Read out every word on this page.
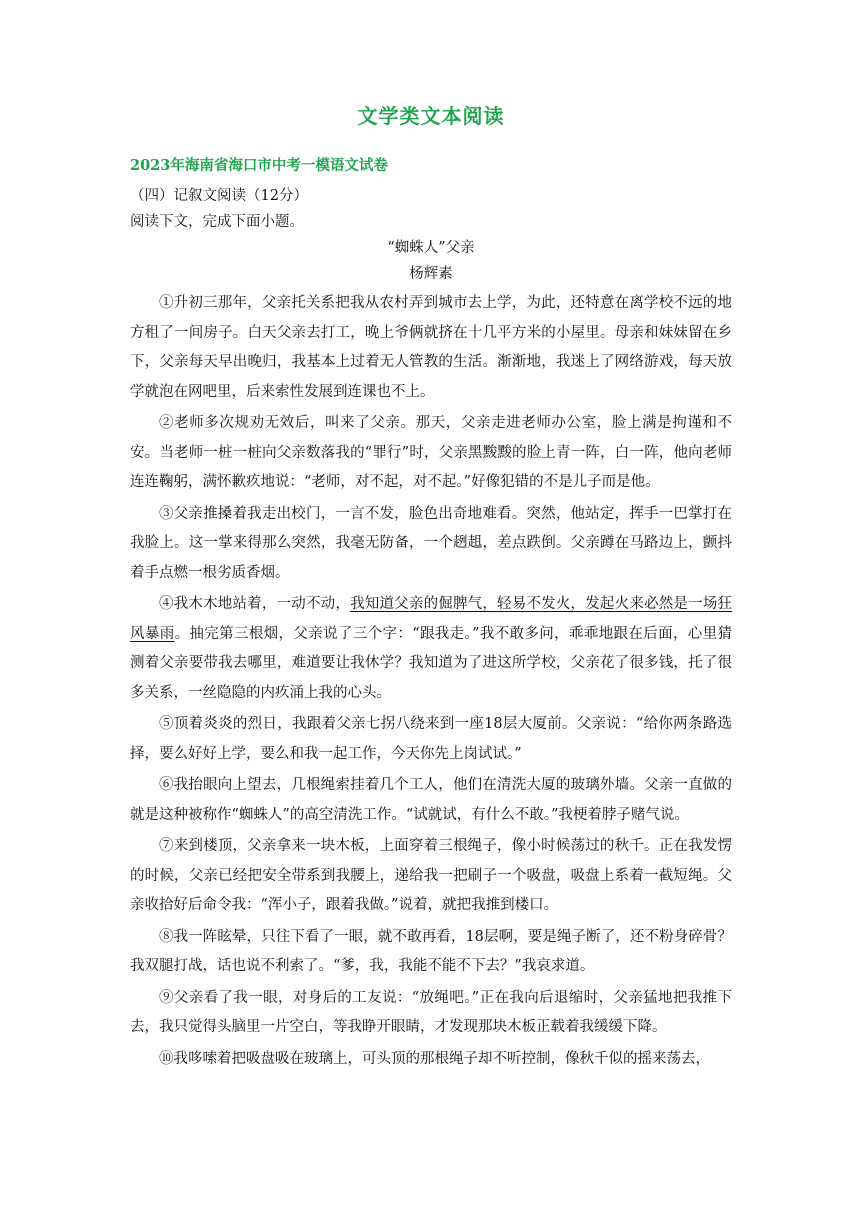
文学类文本阅读
2023年海南省海口市中考一模语文试卷
（四）记叙文阅读（12分）
阅读下文，完成下面小题。
“蜘蛛人”父亲
杨辉素

①升初三那年，父亲托关系把我从农村弄到城市去上学，为此，还特意在离学校不远的地方租了一间房子。白天父亲去打工，晚上爷俩就挤在十几平方米的小屋里。母亲和妹妹留在乡下，父亲每天早出晚归，我基本上过着无人管教的生活。渐渐地，我迷上了网络游戏，每天放学就泡在网吧里，后来索性发展到连课也不上。

②老师多次规劝无效后，叫来了父亲。那天，父亲走进老师办公室，脸上满是拘谨和不安。当老师一桩一桩向父亲数落我的“罪行”时，父亲黑黢黢的脸上青一阵，白一阵，他向老师连连鞠躬，满怀歉疚地说：“老师，对不起，对不起。”好像犯错的不是儿子而是他。

③父亲推搡着我走出校门，一言不发，脸色出奇地难看。突然，他站定，挥手一巴掌打在我脸上。这一掌来得那么突然，我毫无防备，一个趔趄，差点跌倒。父亲蹲在马路边上，颤抖着手点燃一根劣质香烟。

④我木木地站着，一动不动，我知道父亲的倔脾气，轻易不发火，发起火来必然是一场狂风暴雨。抽完第三根烟，父亲说了三个字：“跟我走。”我不敢多问，乖乖地跟在后面，心里猜测着父亲要带我去哪里，难道要让我休学？我知道为了进这所学校，父亲花了很多钱，托了很多关系，一丝隐隐的内疚涌上我的心头。

⑤顶着炎炎的烈日，我跟着父亲七拐八绕来到一座18层大厦前。父亲说：“给你两条路选择，要么好好上学，要么和我一起工作，今天你先上岗试试。”

⑥我抬眼向上望去，几根绳索挂着几个工人，他们在清洗大厦的玻璃外墙。父亲一直做的就是这种被称作“蜘蛛人”的高空清洗工作。“试就试，有什么不敢。”我梗着脖子赌气说。

⑦来到楼顶，父亲拿来一块木板，上面穿着三根绳子，像小时候荡过的秋千。正在我发愣的时候，父亲已经把安全带系到我腰上，递给我一把刷子一个吸盘，吸盘上系着一截短绳。父亲收拾好后命令我：“浑小子，跟着我做。”说着，就把我推到楼口。

⑧我一阵眩晕，只往下看了一眼，就不敢再看，18层啊，要是绳子断了，还不粉身碎骨？我双腿打战，话也说不利索了。“爹，我，我能不能不下去？”我哀求道。

⑨父亲看了我一眼，对身后的工友说：“放绳吧。”正在我向后退缩时，父亲猛地把我推下去，我只觉得头脑里一片空白，等我睁开眼睛，才发现那块木板正载着我缓缓下降。

⑩我哆嗦着把吸盘吸在玻璃上，可头顶的那根绳子却不听控制，像秋千似的摇来荡去，
